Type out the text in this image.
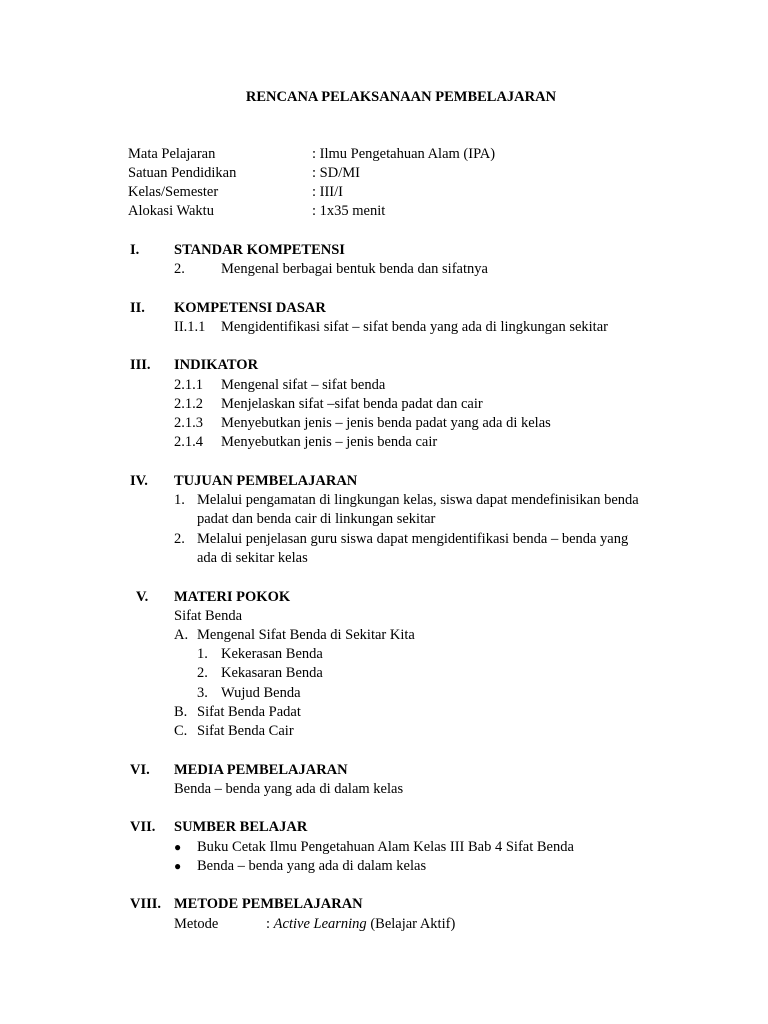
RENCANA PELAKSANAAN PEMBELAJARAN
Mata Pelajaran	: Ilmu Pengetahuan Alam (IPA)
Satuan Pendidikan	: SD/MI
Kelas/Semester	: III/I
Alokasi Waktu	: 1x35 menit
I. STANDAR KOMPETENSI
2. Mengenal berbagai bentuk benda dan sifatnya
II. KOMPETENSI DASAR
II.1.1 Mengidentifikasi sifat – sifat benda yang ada di lingkungan sekitar
III. INDIKATOR
2.1.1 Mengenal sifat – sifat benda
2.1.2 Menjelaskan sifat –sifat benda padat dan cair
2.1.3 Menyebutkan jenis – jenis benda padat yang ada di kelas
2.1.4 Menyebutkan jenis – jenis benda cair
IV. TUJUAN PEMBELAJARAN
1. Melalui pengamatan di lingkungan kelas, siswa dapat mendefinisikan benda
padat dan benda cair di linkungan sekitar
2. Melalui penjelasan guru siswa dapat mengidentifikasi benda – benda yang
ada di sekitar kelas
V. MATERI POKOK
Sifat Benda
A. Mengenal Sifat Benda di Sekitar Kita
1. Kekerasan Benda
2. Kekasaran Benda
3. Wujud Benda
B. Sifat Benda Padat
C. Sifat Benda Cair
VI. MEDIA PEMBELAJARAN
Benda – benda yang ada di dalam kelas
VII. SUMBER BELAJAR
● Buku Cetak Ilmu Pengetahuan Alam Kelas III Bab 4 Sifat Benda
● Benda – benda yang ada di dalam kelas
VIII. METODE PEMBELAJARAN
Metode	: Active Learning (Belajar Aktif)
